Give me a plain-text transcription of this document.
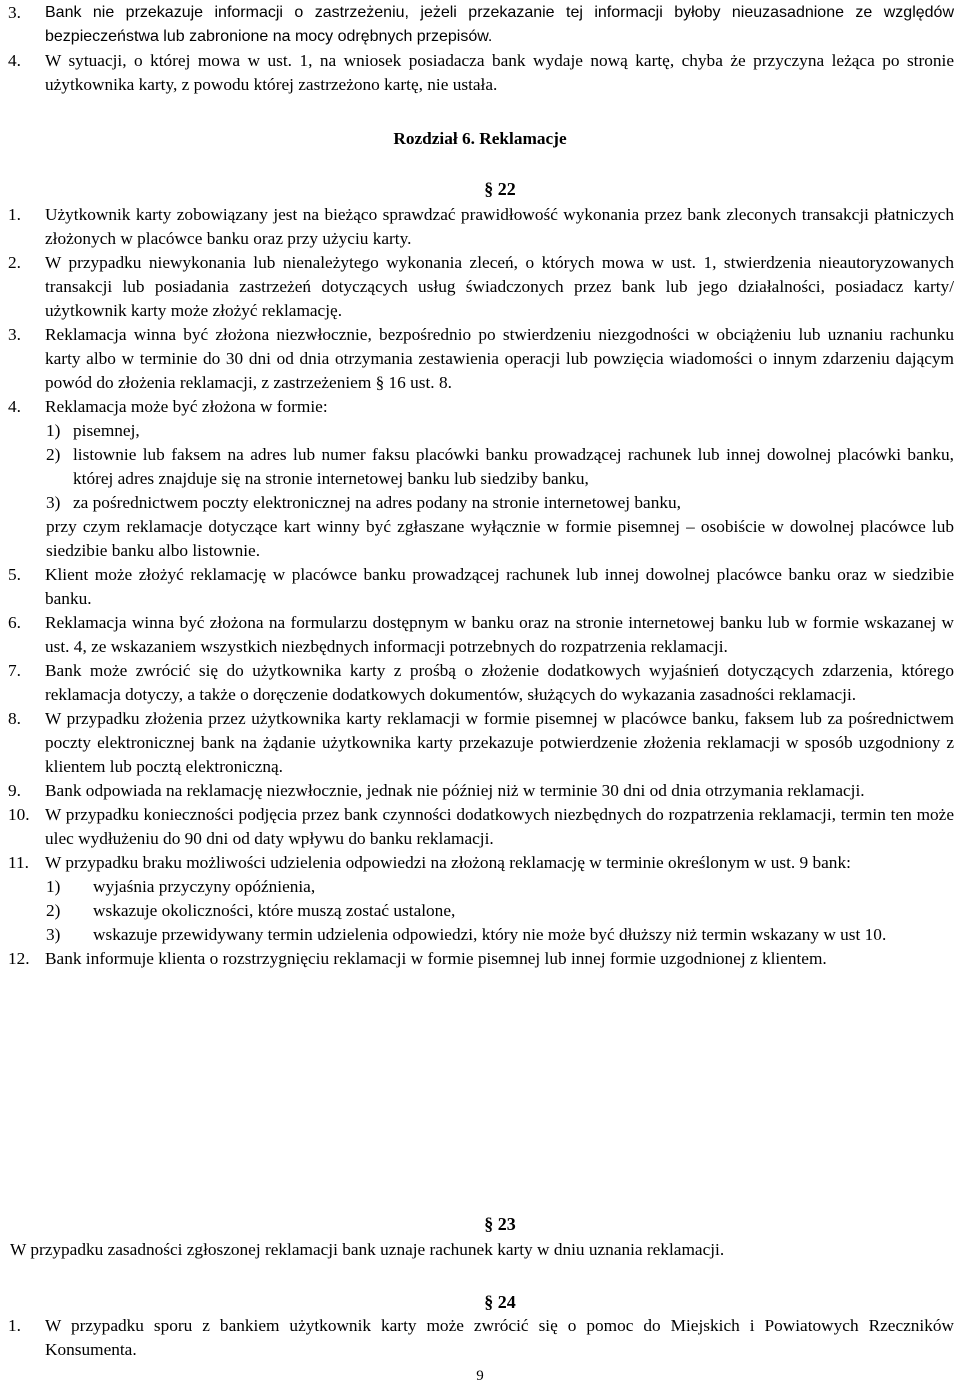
3. Bank nie przekazuje informacji o zastrzeżeniu, jeżeli przekazanie tej informacji byłoby nieuzasadnione ze względów bezpieczeństwa lub zabronione na mocy odrębnych przepisów.
4. W sytuacji, o której mowa w ust. 1, na wniosek posiadacza bank wydaje nową kartę, chyba że przyczyna leżąca po stronie użytkownika karty, z powodu której zastrzeżono kartę, nie ustała.
Rozdział 6. Reklamacje
§ 22
1. Użytkownik karty zobowiązany jest na bieżąco sprawdzać prawidłowość wykonania przez bank zleconych transakcji płatniczych złożonych w placówce banku oraz przy użyciu karty.
2. W przypadku niewykonania lub nienależytego wykonania zleceń, o których mowa w ust. 1, stwierdzenia nieautoryzowanych transakcji lub posiadania zastrzeżeń dotyczących usług świadczonych przez bank lub jego działalności, posiadacz karty/ użytkownik karty może złożyć reklamację.
3. Reklamacja winna być złożona niezwłocznie, bezpośrednio po stwierdzeniu niezgodności w obciążeniu lub uznaniu rachunku karty albo w terminie do 30 dni od dnia otrzymania zestawienia operacji lub powzięcia wiadomości o innym zdarzeniu dającym powód do złożenia reklamacji, z zastrzeżeniem § 16 ust. 8.
4. Reklamacja może być złożona w formie:
1) pisemnej,
2) listownie lub faksem na adres lub numer faksu placówki banku prowadzącej rachunek lub innej dowolnej placówki banku, której adres znajduje się na stronie internetowej banku lub siedziby banku,
3) za pośrednictwem poczty elektronicznej na adres podany na stronie internetowej banku,
przy czym reklamacje dotyczące kart winny być zgłaszane wyłącznie w formie pisemnej – osobiście w dowolnej placówce lub siedzibie banku albo listownie.
5. Klient może złożyć reklamację w placówce banku prowadzącej rachunek lub innej dowolnej placówce banku oraz w siedzibie banku.
6. Reklamacja winna być złożona na formularzu dostępnym w banku oraz na stronie internetowej banku lub w formie wskazanej w ust. 4, ze wskazaniem wszystkich niezbędnych informacji potrzebnych do rozpatrzenia reklamacji.
7. Bank może zwrócić się do użytkownika karty z prośbą o złożenie dodatkowych wyjaśnień dotyczących zdarzenia, którego reklamacja dotyczy, a także o doręczenie dodatkowych dokumentów, służących do wykazania zasadności reklamacji.
8. W przypadku złożenia przez użytkownika karty reklamacji w formie pisemnej w placówce banku, faksem lub za pośrednictwem poczty elektronicznej bank na żądanie użytkownika karty przekazuje potwierdzenie złożenia reklamacji w sposób uzgodniony z klientem lub pocztą elektroniczną.
9. Bank odpowiada na reklamację niezwłocznie, jednak nie później niż w terminie 30 dni od dnia otrzymania reklamacji.
10. W przypadku konieczności podjęcia przez bank czynności dodatkowych niezbędnych do rozpatrzenia reklamacji, termin ten może ulec wydłużeniu do 90 dni od daty wpływu do banku reklamacji.
11. W przypadku braku możliwości udzielenia odpowiedzi na złożoną reklamację w terminie określonym w ust. 9 bank:
1) wyjaśnia przyczyny opóźnienia,
2) wskazuje okoliczności, które muszą zostać ustalone,
3) wskazuje przewidywany termin udzielenia odpowiedzi, który nie może być dłuższy niż termin wskazany w ust 10.
12. Bank informuje klienta o rozstrzygnięciu reklamacji w formie pisemnej lub innej formie uzgodnionej z klientem.
§ 23
W przypadku zasadności zgłoszonej reklamacji bank uznaje rachunek karty w dniu uznania reklamacji.
§ 24
1. W przypadku sporu z bankiem użytkownik karty może zwrócić się o pomoc do Miejskich i Powiatowych Rzeczników Konsumenta.
9
